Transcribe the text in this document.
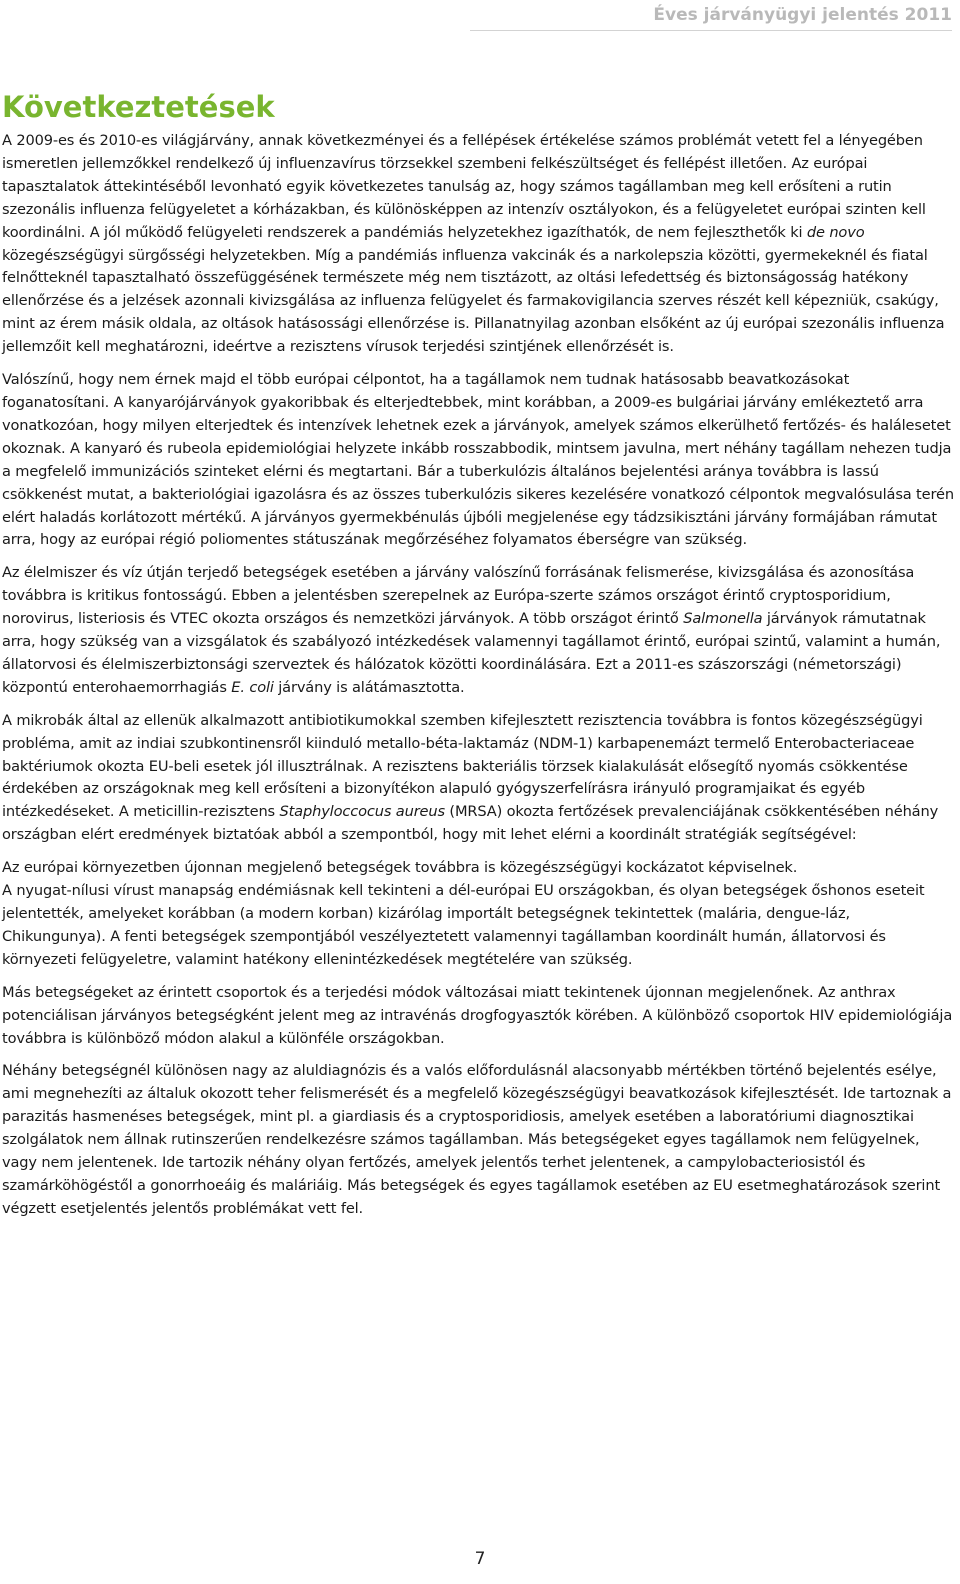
Éves járványügyi jelentés 2011
Következtetések

A 2009-es és 2010-es világjárvány, annak következményei és a fellépések értékelése számos problémát vetett fel a lényegében ismeretlen jellemzőkkel rendelkező új influenzavírus törzsekkel szembeni felkészültséget és fellépést illetően. Az európai tapasztalatok áttekintéséből levonható egyik következetes tanulság az, hogy számos tagállamban meg kell erősíteni a rutin szezonális influenza felügyeletet a kórházakban, és különösképpen az intenzív osztályokon, és a felügyeletet európai szinten kell koordinálni. A jól működő felügyeleti rendszerek a pandémiás helyzetekhez igazíthatók, de nem fejleszthetők ki de novo közegészségügyi sürgősségi helyzetekben. Míg a pandémiás influenza vakcinák és a narkolepszia közötti, gyermekeknél és fiatal felnőtteknél tapasztalható összefüggésének természete még nem tisztázott, az oltási lefedettség és biztonságosság hatékony ellenőrzése és a jelzések azonnali kivizsgálása az influenza felügyelet és farmakovigilancia szerves részét kell képezniük, csakúgy, mint az érem másik oldala, az oltások hatásossági ellenőrzése is. Pillanatnyilag azonban elsőként az új európai szezonális influenza jellemzőit kell meghatározni, ideértve a rezisztens vírusok terjedési szintjének ellenőrzését is.

Valószínű, hogy nem érnek majd el több európai célpontot, ha a tagállamok nem tudnak hatásosabb beavatkozásokat foganatosítani. A kanyarójárványok gyakoribbak és elterjedtebbek, mint korábban, a 2009-es bulgáriai járvány emlékeztető arra vonatkozóan, hogy milyen elterjedtek és intenzívek lehetnek ezek a járványok, amelyek számos elkerülhető fertőzés- és halálesetet okoznak. A kanyaró és rubeola epidemiológiai helyzete inkább rosszabbodik, mintsem javulna, mert néhány tagállam nehezen tudja a megfelelő immunizációs szinteket elérni és megtartani. Bár a tuberkulózis általános bejelentési aránya továbbra is lassú csökkenést mutat, a bakteriológiai igazolásra és az összes tuberkulózis sikeres kezelésére vonatkozó célpontok megvalósulása terén elért haladás korlátozott mértékű. A járványos gyermekbénulás újbóli megjelenése egy tádzsikisztáni járvány formájában rámutat arra, hogy az európai régió poliomentes státuszának megőrzéséhez folyamatos éberségre van szükség.

Az élelmiszer és víz útján terjedő betegségek esetében a járvány valószínű forrásának felismerése, kivizsgálása és azonosítása továbbra is kritikus fontosságú. Ebben a jelentésben szerepelnek az Európa-szerte számos országot érintő cryptosporidium, norovirus, listeriosis és VTEC okozta országos és nemzetközi járványok. A több országot érintő Salmonella járványok rámutatnak arra, hogy szükség van a vizsgálatok és szabályozó intézkedések valamennyi tagállamot érintő, európai szintű, valamint a humán, állatorvosi és élelmiszerbiztonsági szerveztek és hálózatok közötti koordinálására. Ezt a 2011-es szászországi (németországi) központú enterohaemorrhagiás E. coli járvány is alátámasztotta.

A mikrobák által az ellenük alkalmazott antibiotikumokkal szemben kifejlesztett rezisztencia továbbra is fontos közegészségügyi probléma, amit az indiai szubkontinensről kiinduló metallo-béta-laktamáz (NDM-1) karbapenemázt termelő Enterobacteriaceae baktériumok okozta EU-beli esetek jól illusztrálnak. A rezisztens bakteriális törzsek kialakulását elősegítő nyomás csökkentése érdekében az országoknak meg kell erősíteni a bizonyítékon alapuló gyógyszerfelírásra irányuló programjaikat és egyéb intézkedéseket. A meticillin-rezisztens Staphyloccocus aureus (MRSA) okozta fertőzések prevalenciájának csökkentésében néhány országban elért eredmények biztatóak abból a szempontból, hogy mit lehet elérni a koordinált stratégiák segítségével:

Az európai környezetben újonnan megjelenő betegségek továbbra is közegészségügyi kockázatot képviselnek.

A nyugat-nílusi vírust manapság endémiásnak kell tekinteni a dél-európai EU országokban, és olyan betegségek őshonos eseteit jelentették, amelyeket korábban (a modern korban) kizárólag importált betegségnek tekintettek (malária, dengue-láz, Chikungunya). A fenti betegségek szempontjából veszélyeztetett valamennyi tagállamban koordinált humán, állatorvosi és környezeti felügyeletre, valamint hatékony ellenintézkedések megtételére van szükség.

Más betegségeket az érintett csoportok és a terjedési módok változásai miatt tekintenek újonnan megjelenőnek. Az anthrax potenciálisan járványos betegségként jelent meg az intravénás drogfogyasztók körében. A különböző csoportok HIV epidemiológiája továbbra is különböző módon alakul a különféle országokban.

Néhány betegségnél különösen nagy az aluldiagnózis és a valós előfordulásnál alacsonyabb mértékben történő bejelentés esélye, ami megnehezíti az általuk okozott teher felismerését és a megfelelő közegészségügyi beavatkozások kifejlesztését. Ide tartoznak a parazitás hasmenéses betegségek, mint pl. a giardiasis és a cryptosporidiosis, amelyek esetében a laboratóriumi diagnosztikai szolgálatok nem állnak rutinszerűen rendelkezésre számos tagállamban. Más betegségeket egyes tagállamok nem felügyelnek, vagy nem jelentenek. Ide tartozik néhány olyan fertőzés, amelyek jelentős terhet jelentenek, a campylobacteriosistól és szamárköhögéstől a gonorrhoeáig és maláriáig. Más betegségek és egyes tagállamok esetében az EU esetmeghatározások szerint végzett esetjelentés jelentős problémákat vett fel.

7
